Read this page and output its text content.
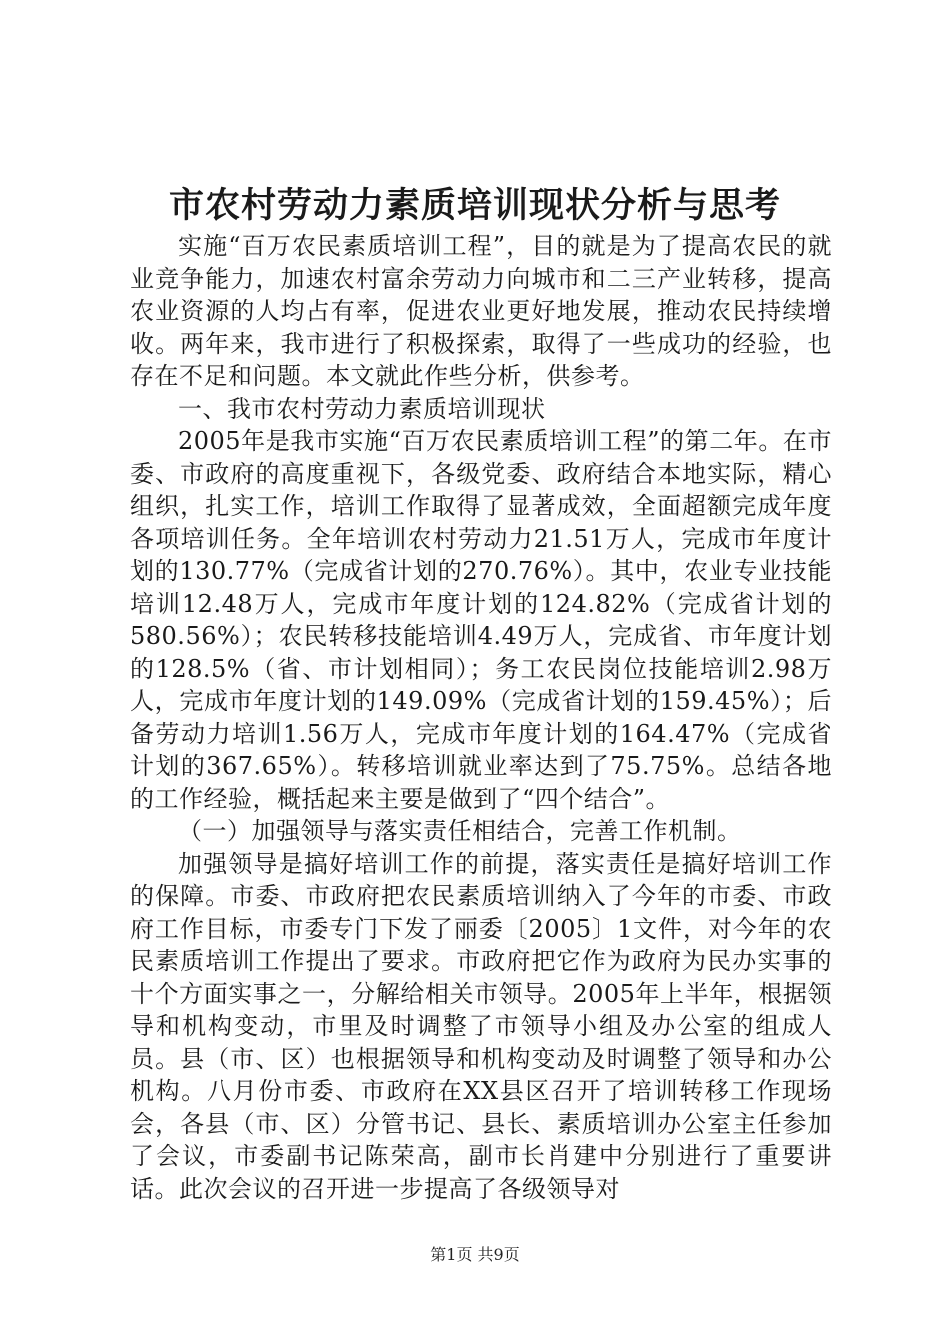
市农村劳动力素质培训现状分析与思考

实施“百万农民素质培训工程”，目的就是为了提高农民的就业竞争能力，加速农村富余劳动力向城市和二三产业转移，提高农业资源的人均占有率，促进农业更好地发展，推动农民持续增收。两年来，我市进行了积极探索，取得了一些成功的经验，也存在不足和问题。本文就此作些分析，供参考。

一、我市农村劳动力素质培训现状

2005年是我市实施“百万农民素质培训工程”的第二年。在市委、市政府的高度重视下，各级党委、政府结合本地实际，精心组织，扎实工作，培训工作取得了显著成效，全面超额完成年度各项培训任务。全年培训农村劳动力21.51万人，完成市年度计划的130.77%（完成省计划的270.76%）。其中，农业专业技能培训12.48万人，完成市年度计划的124.82%（完成省计划的580.56%）；农民转移技能培训4.49万人，完成省、市年度计划的128.5%（省、市计划相同）；务工农民岗位技能培训2.98万人，完成市年度计划的149.09%（完成省计划的159.45%）；后备劳动力培训1.56万人，完成市年度计划的164.47%（完成省计划的367.65%）。转移培训就业率达到了75.75%。总结各地的工作经验，概括起来主要是做到了“四个结合”。

（一）加强领导与落实责任相结合，完善工作机制。

加强领导是搞好培训工作的前提，落实责任是搞好培训工作的保障。市委、市政府把农民素质培训纳入了今年的市委、市政府工作目标，市委专门下发了丽委〔2005〕1文件，对今年的农民素质培训工作提出了要求。市政府把它作为政府为民办实事的十个方面实事之一，分解给相关市领导。2005年上半年，根据领导和机构变动，市里及时调整了市领导小组及办公室的组成人员。县（市、区）也根据领导和机构变动及时调整了领导和办公机构。八月份市委、市政府在XX县区召开了培训转移工作现场会，各县（市、区）分管书记、县长、素质培训办公室主任参加了会议，市委副书记陈荣高，副市长肖建中分别进行了重要讲话。此次会议的召开进一步提高了各级领导对

第1页 共9页
